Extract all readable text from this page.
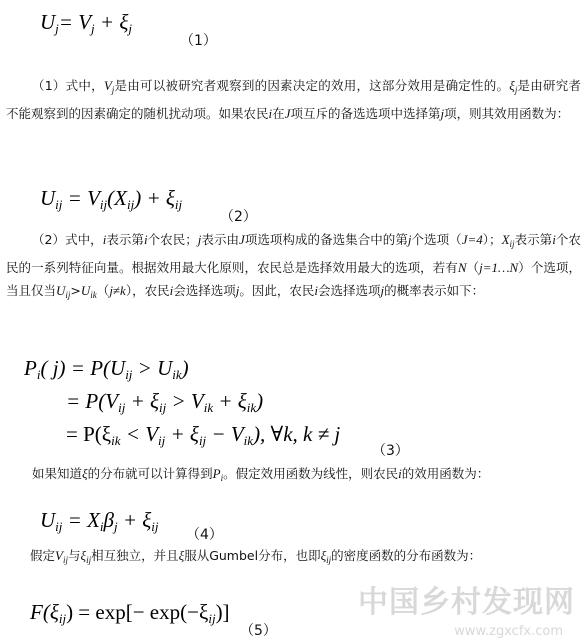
$U_j= V_j + \xi_j$
（1）

（1）式中，$V_j$是由可以被研究者观察到的因素决定的效用，这部分效用是确定性的。$\xi_j$是由研究者不能观察到的因素确定的随机扰动项。如果农民i在J项互斥的备选选项中选择第j项，则其效用函数为：

$U_{ij} = V_{ij}(X_{ij}) + \xi_{ij}$
（2）

（2）式中，i表示第i个农民；j表示由J项选项构成的备选集合中的第j个选项（J=4）；$X_{ij}$表示第i个农民的一系列特征向量。根据效用最大化原则，农民总是选择效用最大的选项，若有N（j=1…N）个选项，当且仅当$U_{ij}>U_{ik}(j\ne k)$，农民i会选择选项j。因此，农民i会选择选项j的概率表示如下：

$P_i$( $j) = P(U_{ij} > U_{ik})$
= $P(V_{ij} + \xi_{ij} > V_{ik} + \xi_{ik})$
= $P(\xi_{ik} < V_{ij} + \xi_{ij} - V_{ik})$, ∀k, k ≠ j
（3）

如果知道ξ的分布就可以计算得到$P_i$。假定效用函数为线性，则农民i的效用函数为：

$U_{ij} = X_i\beta_j + \xi_{ij}$
（4）

假定$V_{ij}$与$\xi_{ij}$相互独立，并且ξ服从Gumbel分布，也即$\xi_{ij}$的密度函数的分布函数为：

$F(\xi_{ij}) = \exp[- \exp(-\xi_{ij})]$
（5）
中国乡村发现网
www.zgxcfx.com
